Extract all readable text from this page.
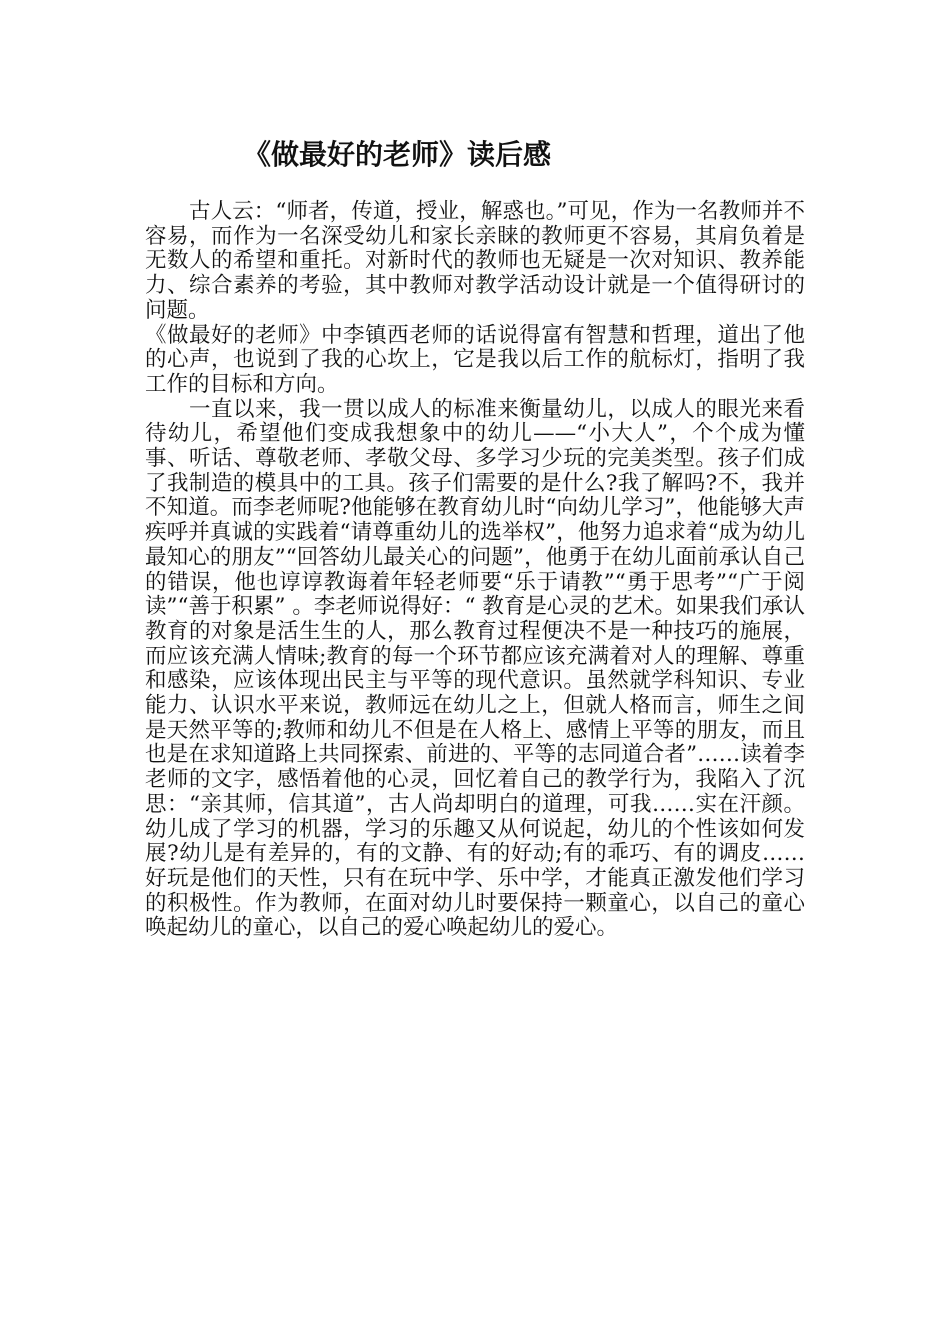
《做最好的老师》读后感

古人云：“师者，传道，授业，解惑也。”可见，作为一名教师并不容易，而作为一名深受幼儿和家长亲睐的教师更不容易，其肩负着是无数人的希望和重托。对新时代的教师也无疑是一次对知识、教养能力、综合素养的考验，其中教师对教学活动设计就是一个值得研讨的问题。

《做最好的老师》中李镇西老师的话说得富有智慧和哲理，道出了他的心声，也说到了我的心坎上，它是我以后工作的航标灯，指明了我工作的目标和方向。

一直以来，我一贯以成人的标准来衡量幼儿，以成人的眼光来看待幼儿，希望他们变成我想象中的幼儿——“小大人”，个个成为懂事、听话、尊敬老师、孝敬父母、多学习少玩的完美类型。孩子们成了我制造的模具中的工具。孩子们需要的是什么?我了解吗?不，我并不知道。而李老师呢?他能够在教育幼儿时“向幼儿学习”，他能够大声疾呼并真诚的实践着“请尊重幼儿的选举权”，他努力追求着“成为幼儿最知心的朋友”“回答幼儿最关心的问题”，他勇于在幼儿面前承认自己的错误，他也谆谆教诲着年轻老师要“乐于请教”“勇于思考”“广于阅读”“善于积累” 。李老师说得好：“ 教育是心灵的艺术。如果我们承认教育的对象是活生生的人，那么教育过程便决不是一种技巧的施展，而应该充满人情味;教育的每一个环节都应该充满着对人的理解、尊重和感染，应该体现出民主与平等的现代意识。虽然就学科知识、专业能力、认识水平来说，教师远在幼儿之上，但就人格而言，师生之间是天然平等的;教师和幼儿不但是在人格上、感情上平等的朋友，而且也是在求知道路上共同探索、前进的、平等的志同道合者”……读着李老师的文字，感悟着他的心灵，回忆着自己的教学行为，我陷入了沉思：“亲其师，信其道”，古人尚却明白的道理，可我……实在汗颜。幼儿成了学习的机器，学习的乐趣又从何说起，幼儿的个性该如何发展?幼儿是有差异的，有的文静、有的好动;有的乖巧、有的调皮……好玩是他们的天性，只有在玩中学、乐中学，才能真正激发他们学习的积极性。作为教师，在面对幼儿时要保持一颗童心，以自己的童心唤起幼儿的童心，以自己的爱心唤起幼儿的爱心。
